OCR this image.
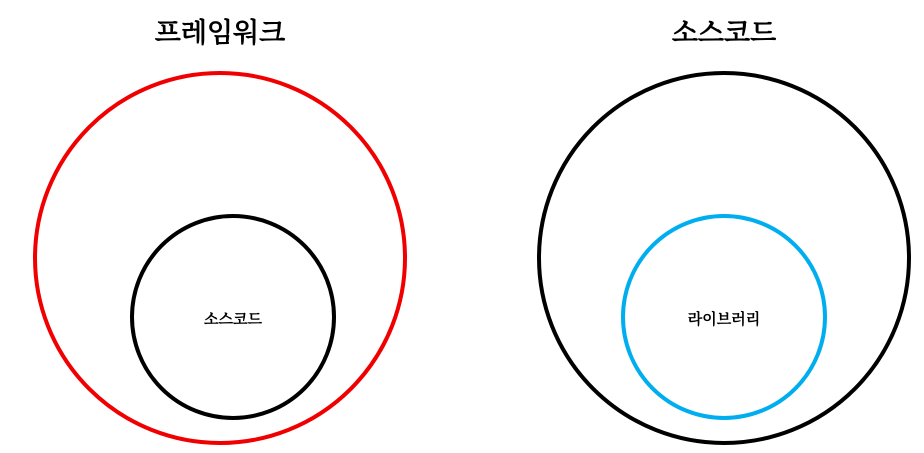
프레임워크	소스코드
소스코드	라이브러리
